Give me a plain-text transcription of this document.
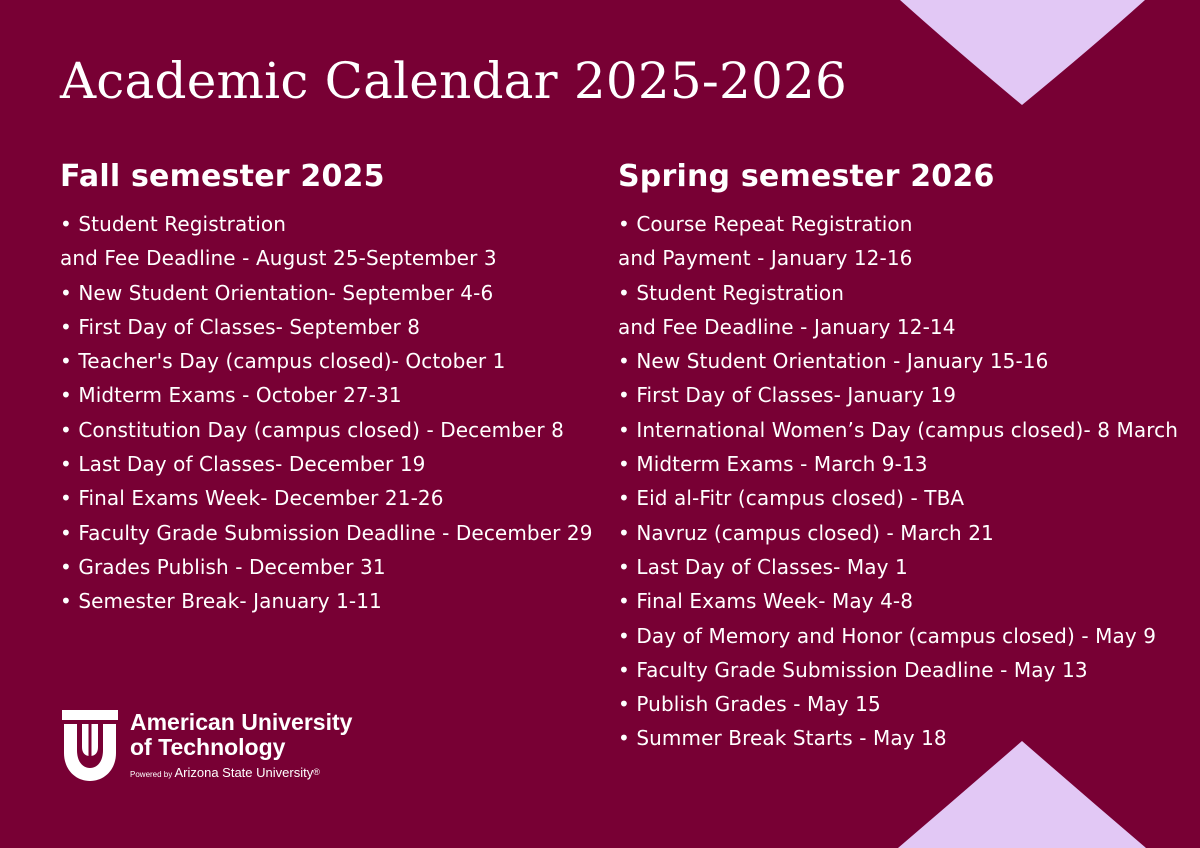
Academic Calendar 2025-2026
Fall semester 2025
• Student Registration
and Fee Deadline - August 25-September 3
• New Student Orientation- September 4-6
• First Day of Classes- September 8
• Teacher's Day (campus closed)- October 1
• Midterm Exams - October 27-31
• Constitution Day (campus closed) - December 8
• Last Day of Classes- December 19
• Final Exams Week- December 21-26
• Faculty Grade Submission Deadline - December 29
• Grades Publish - December 31
• Semester Break- January 1-11
Spring semester 2026
• Course Repeat Registration
and Payment - January 12-16
• Student Registration
and Fee Deadline - January 12-14
• New Student Orientation - January 15-16
• First Day of Classes- January 19
• International Women’s Day (campus closed)- 8 March
• Midterm Exams - March 9-13
• Eid al-Fitr (campus closed) - TBA
• Navruz (campus closed) - March 21
• Last Day of Classes- May 1
• Final Exams Week- May 4-8
• Day of Memory and Honor (campus closed) - May 9
• Faculty Grade Submission Deadline - May 13
• Publish Grades - May 15
• Summer Break Starts - May 18
American University
of Technology
Powered by Arizona State University®
